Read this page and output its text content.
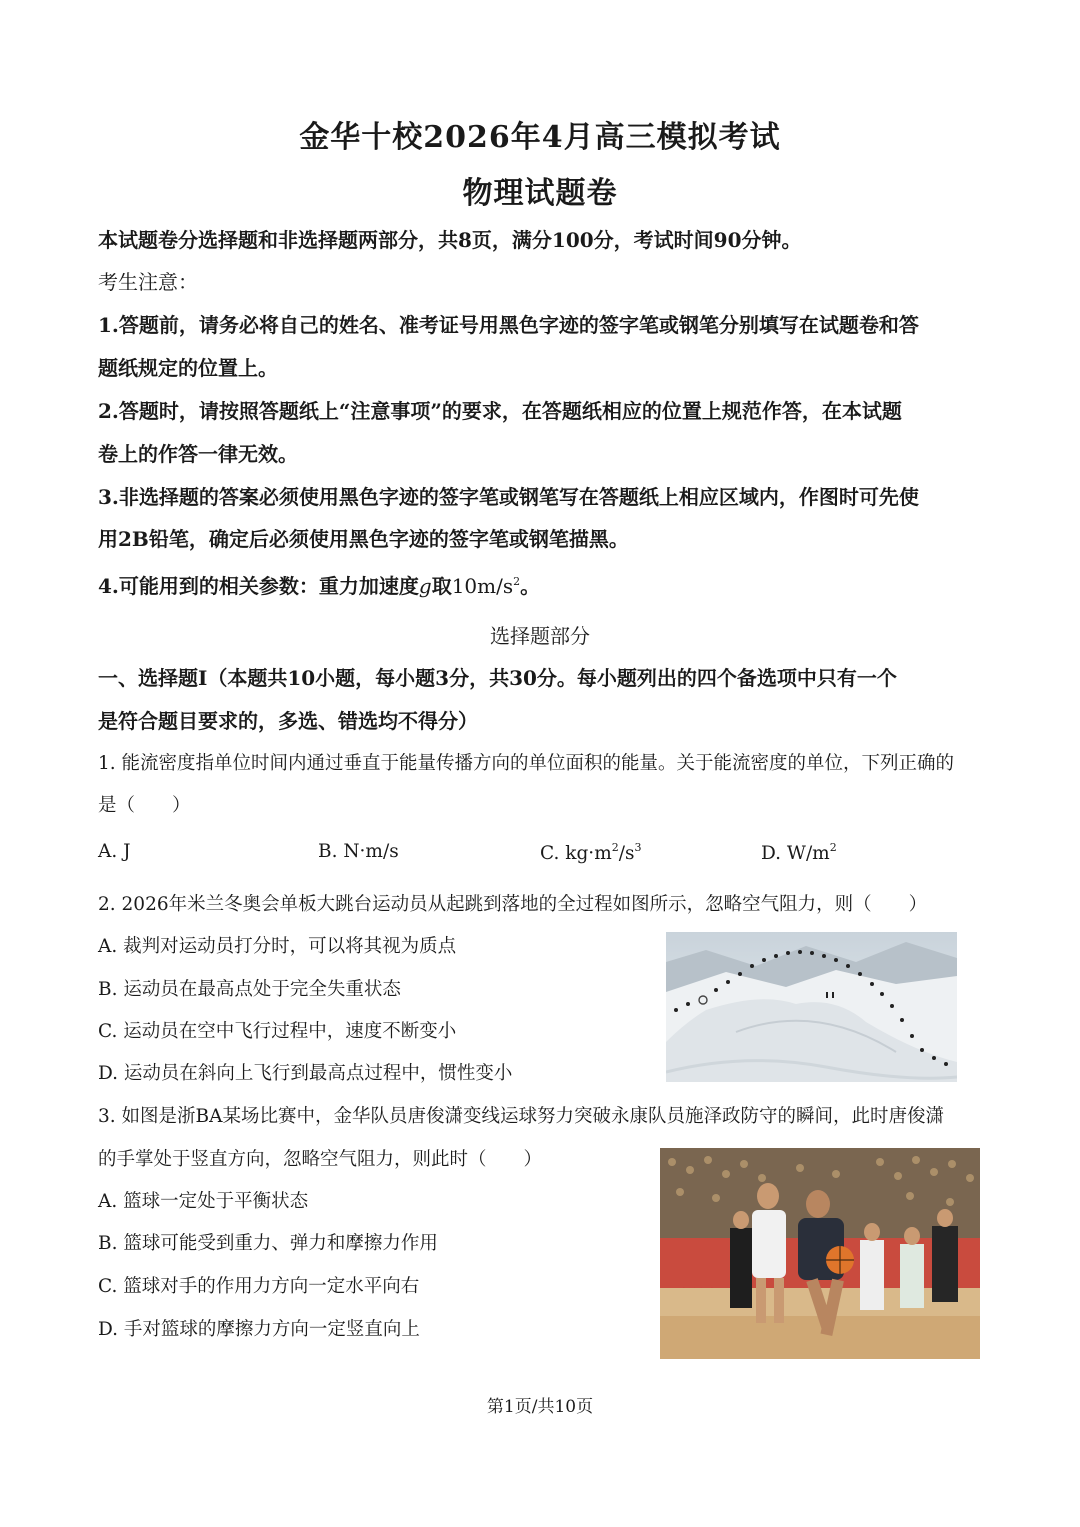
金华十校2026年4月高三模拟考试
物理试题卷
本试题卷分选择题和非选择题两部分，共8页，满分100分，考试时间90分钟。
考生注意：
1.答题前，请务必将自己的姓名、准考证号用黑色字迹的签字笔或钢笔分别填写在试题卷和答
题纸规定的位置上。
2.答题时，请按照答题纸上“注意事项”的要求，在答题纸相应的位置上规范作答，在本试题
卷上的作答一律无效。
3.非选择题的答案必须使用黑色字迹的签字笔或钢笔写在答题纸上相应区域内，作图时可先使
用2B铅笔，确定后必须使用黑色字迹的签字笔或钢笔描黑。
4.可能用到的相关参数：重力加速度g取$10m/s^2$。
选择题部分
一、选择题Ⅰ（本题共10小题，每小题3分，共30分。每小题列出的四个备选项中只有一个
是符合题目要求的，多选、错选均不得分）
1. 能流密度指单位时间内通过垂直于能量传播方向的单位面积的能量。关于能流密度的单位，下列正确的
是（　　）
A. J	B. N·m/s	C. $kg\cdot m^2/s^3$	D. $W/m^2$
2. 2026年米兰冬奥会单板大跳台运动员从起跳到落地的全过程如图所示，忽略空气阻力，则（　　）
A. 裁判对运动员打分时，可以将其视为质点
B. 运动员在最高点处于完全失重状态
C. 运动员在空中飞行过程中，速度不断变小
D. 运动员在斜向上飞行到最高点过程中，惯性变小
3. 如图是浙BA某场比赛中，金华队员唐俊潇变线运球努力突破永康队员施泽政防守的瞬间，此时唐俊潇
的手掌处于竖直方向，忽略空气阻力，则此时（　　）
A. 篮球一定处于平衡状态
B. 篮球可能受到重力、弹力和摩擦力作用
C. 篮球对手的作用力方向一定水平向右
D. 手对篮球的摩擦力方向一定竖直向上
第1页/共10页
